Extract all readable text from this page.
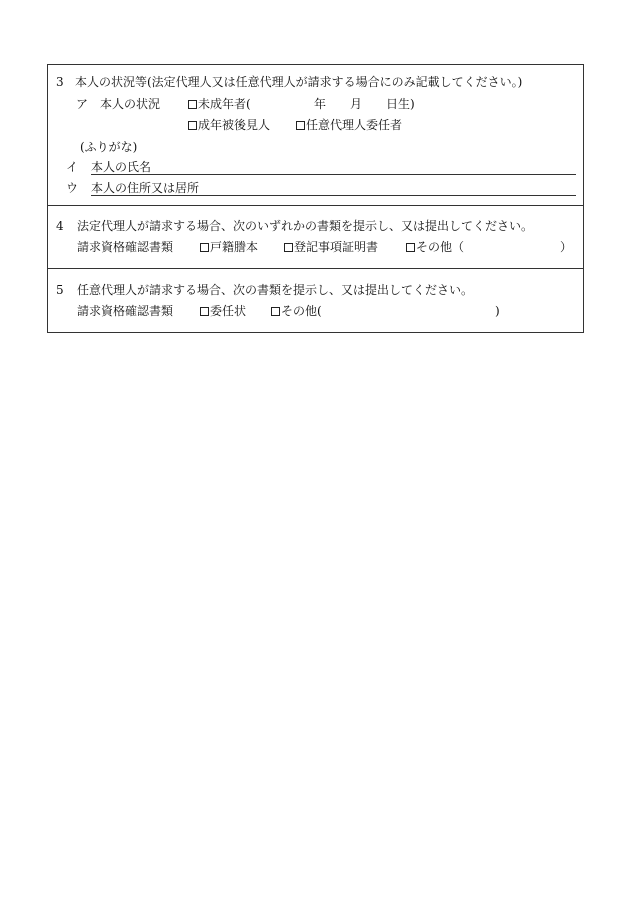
3 本人の状況等(法定代理人又は任意代理人が請求する場合にのみ記載してください。)
ア　本人の状況	未成年者(	年 月 日生)
成年被後見人	任意代理人委任者
(ふりがな)
イ 本人の氏名
ウ 本人の住所又は居所
4 法定代理人が請求する場合、次のいずれかの書類を提示し、又は提出してください。
請求資格確認書類	戸籍謄本	登記事項証明書	その他（	）
5 任意代理人が請求する場合、次の書類を提示し、又は提出してください。
請求資格確認書類	委任状	その他(	)
